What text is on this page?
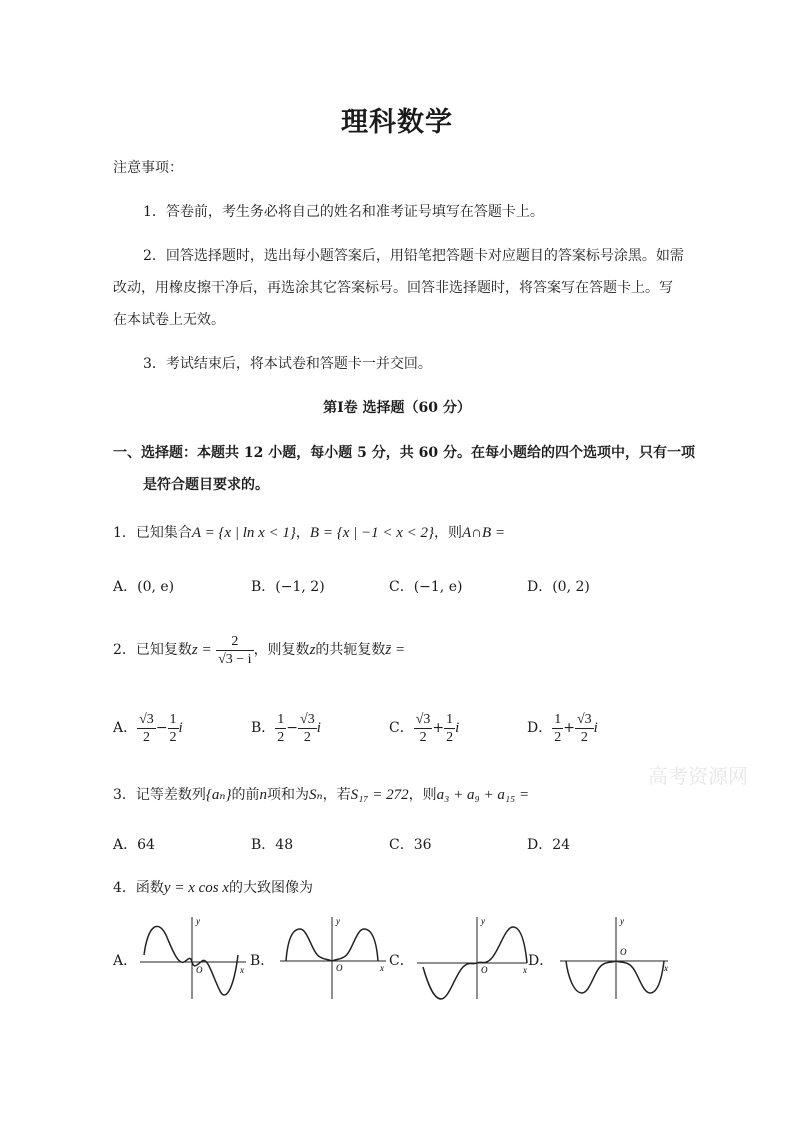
理科数学
注意事项：
1．答卷前，考生务必将自己的姓名和准考证号填写在答题卡上。
2．回答选择题时，选出每小题答案后，用铅笔把答题卡对应题目的答案标号涂黑。如需
改动，用橡皮擦干净后，再选涂其它答案标号。回答非选择题时，将答案写在答题卡上。写
在本试卷上无效。
3．考试结束后，将本试卷和答题卡一并交回。
第Ⅰ卷 选择题（60 分）
一、选择题：本题共 12 小题，每小题 5 分，共 60 分。在每小题给的四个选项中，只有一项
是符合题目要求的。
1．已知集合A = {x | ln x < 1}，B = {x | −1 < x < 2}，则A∩B =
A．(0, e)	B．(−1, 2)	C．(−1, e)	D．(0, 2)
2．已知复数$z = \frac{2}{√3 - i}$ ，则复数z的共轭复数z̄ =
A． $\frac{√3}{2} - \frac{1}{2}$ i	B． $\frac{1}{2} - \frac{√3}{2}$ i	C． $\frac{√3}{2} + \frac{1}{2}$ i	D． $\frac{1}{2} + \frac{√3}{2}$ i
高考资源网
3．记等差数列{aₙ}的前n项和为Sₙ，若S₁₇ = 272，则a₃ + a₉ + a₁₅ =
A．64	B．48	C．36	D．24
4．函数y = x cos x的大致图像为
A．	B．	C．	D．
y
x
O
y
x
O
y
x
O
y
x
O
